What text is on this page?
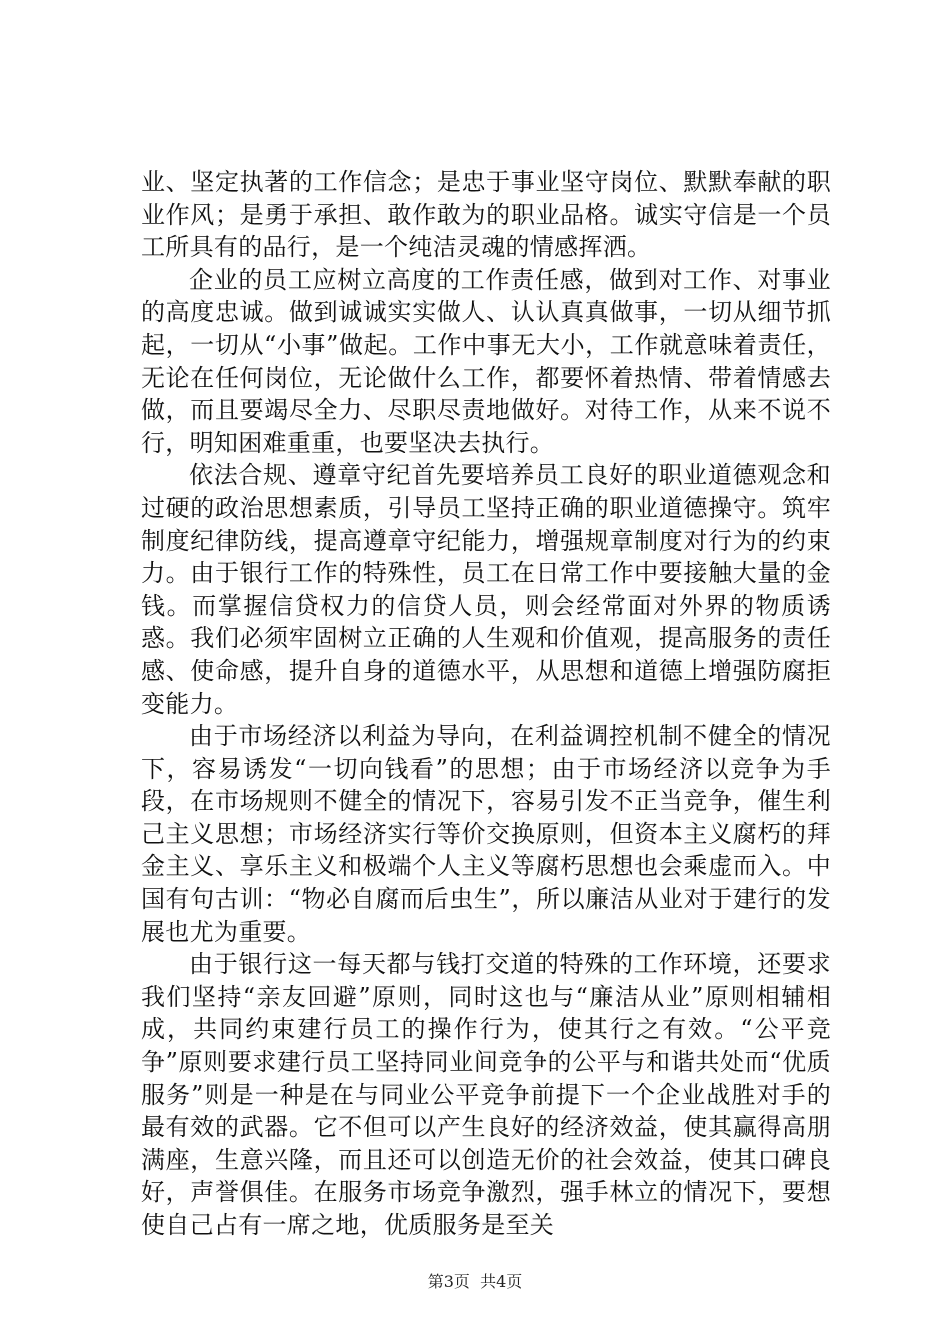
业、坚定执著的工作信念；是忠于事业坚守岗位、默默奉献的职业作风；是勇于承担、敢作敢为的职业品格。诚实守信是一个员工所具有的品行，是一个纯洁灵魂的情感挥洒。

企业的员工应树立高度的工作责任感，做到对工作、对事业的高度忠诚。做到诚诚实实做人、认认真真做事，一切从细节抓起，一切从“小事”做起。工作中事无大小，工作就意味着责任，无论在任何岗位，无论做什么工作，都要怀着热情、带着情感去做，而且要竭尽全力、尽职尽责地做好。对待工作，从来不说不行，明知困难重重，也要坚决去执行。

依法合规、遵章守纪首先要培养员工良好的职业道德观念和过硬的政治思想素质，引导员工坚持正确的职业道德操守。筑牢制度纪律防线，提高遵章守纪能力，增强规章制度对行为的约束力。由于银行工作的特殊性，员工在日常工作中要接触大量的金钱。而掌握信贷权力的信贷人员，则会经常面对外界的物质诱惑。我们必须牢固树立正确的人生观和价值观，提高服务的责任感、使命感，提升自身的道德水平，从思想和道德上增强防腐拒变能力。

由于市场经济以利益为导向，在利益调控机制不健全的情况下，容易诱发“一切向钱看”的思想；由于市场经济以竞争为手段，在市场规则不健全的情况下，容易引发不正当竞争，催生利己主义思想；市场经济实行等价交换原则，但资本主义腐朽的拜金主义、享乐主义和极端个人主义等腐朽思想也会乘虚而入。中国有句古训：“物必自腐而后虫生”，所以廉洁从业对于建行的发展也尤为重要。

由于银行这一每天都与钱打交道的特殊的工作环境，还要求我们坚持“亲友回避”原则，同时这也与“廉洁从业”原则相辅相成，共同约束建行员工的操作行为，使其行之有效。“公平竞争”原则要求建行员工坚持同业间竞争的公平与和谐共处而“优质服务”则是一种是在与同业公平竞争前提下一个企业战胜对手的最有效的武器。它不但可以产生良好的经济效益，使其赢得高朋满座，生意兴隆，而且还可以创造无价的社会效益，使其口碑良好，声誉俱佳。在服务市场竞争激烈，强手林立的情况下，要想使自己占有一席之地，优质服务是至关

第3页  共4页
